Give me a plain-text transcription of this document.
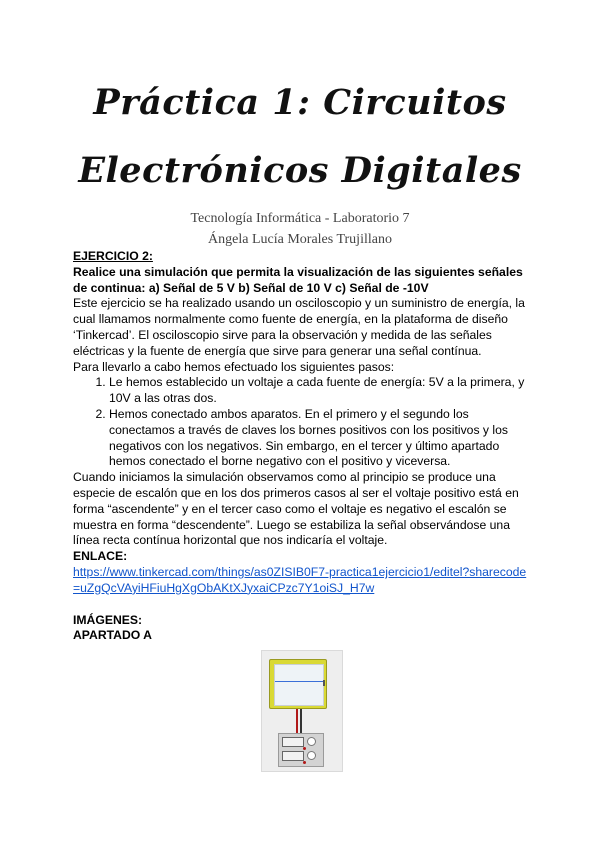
Práctica 1: Circuitos
Electrónicos Digitales
Tecnología Informática - Laboratorio 7
Ángela Lucía Morales Trujillano

EJERCICIO 2:

Realice una simulación que permita la visualización de las siguientes señales de continua: a) Señal de 5 V b) Señal de 10 V c) Señal de -10V

Este ejercicio se ha realizado usando un osciloscopio y un suministro de energía, la cual llamamos normalmente como fuente de energía, en la plataforma de diseño ‘Tinkercad’. El osciloscopio sirve para la observación y medida de las señales eléctricas y la fuente de energía que sirve para generar una señal contínua.

Para llevarlo a cabo hemos efectuado los siguientes pasos:

1. Le hemos establecido un voltaje a cada fuente de energía: 5V a la primera, y 10V a las otras dos.
2. Hemos conectado ambos aparatos. En el primero y el segundo los conectamos a través de claves los bornes positivos con los positivos y los negativos con los negativos. Sin embargo, en el tercer y último apartado hemos conectado el borne negativo con el positivo y viceversa.

Cuando iniciamos la simulación observamos como al principio se produce una especie de escalón que en los dos primeros casos al ser el voltaje positivo está en forma “ascendente” y en el tercer caso como el voltaje es negativo el escalón se muestra en forma “descendente”. Luego se estabiliza la señal observándose una línea recta contínua horizontal que nos indicaría el voltaje.

ENLACE:

https://www.tinkercad.com/things/as0ZISIB0F7-practica1ejercicio1/editel?sharecode=uZgQcVAyiHFiuHgXgObAKtXJyxaiCPzc7Y1oiSJ_H7w

IMÁGENES:

APARTADO A
